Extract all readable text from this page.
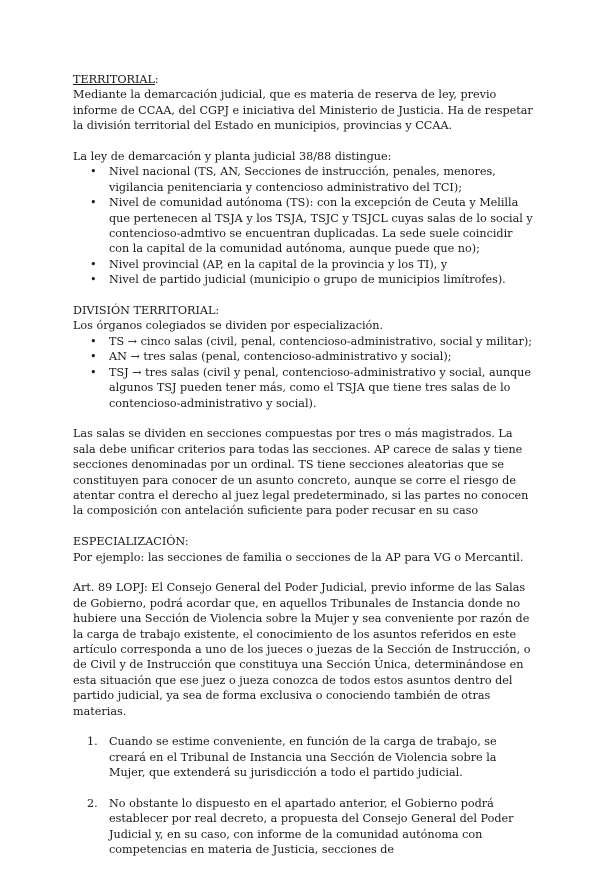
TERRITORIAL:

Mediante la demarcación judicial, que es materia de reserva de ley, previo informe de CCAA, del CGPJ e iniciativa del Ministerio de Justicia. Ha de respetar la división territorial del Estado en municipios, provincias y CCAA.

La ley de demarcación y planta judicial 38/88 distingue:

• Nivel nacional (TS, AN, Secciones de instrucción, penales, menores, vigilancia penitenciaria y contencioso administrativo del TCI);
• Nivel de comunidad autónoma (TS): con la excepción de Ceuta y Melilla que pertenecen al TSJA y los TSJA, TSJC y TSJCL cuyas salas de lo social y contencioso-admtivo se encuentran duplicadas. La sede suele coincidir con la capital de la comunidad autónoma, aunque puede que no);
• Nivel provincial (AP, en la capital de la provincia y los TI), y
• Nivel de partido judicial (municipio o grupo de municipios limítrofes).

DIVISIÓN TERRITORIAL:

Los órganos colegiados se dividen por especialización.

• TS → cinco salas (civil, penal, contencioso-administrativo, social y militar);
• AN → tres salas (penal, contencioso-administrativo y social);
• TSJ → tres salas (civil y penal, contencioso-administrativo y social, aunque algunos TSJ pueden tener más, como el TSJA que tiene tres salas de lo contencioso-administrativo y social).

Las salas se dividen en secciones compuestas por tres o más magistrados. La sala debe unificar criterios para todas las secciones. AP carece de salas y tiene secciones denominadas por un ordinal. TS tiene secciones aleatorias que se constituyen para conocer de un asunto concreto, aunque se corre el riesgo de atentar contra el derecho al juez legal predeterminado, si las partes no conocen la composición con antelación suficiente para poder recusar en su caso

ESPECIALIZACIÓN:

Por ejemplo: las secciones de familia o secciones de la AP para VG o Mercantil.

Art. 89 LOPJ: El Consejo General del Poder Judicial, previo informe de las Salas de Gobierno, podrá acordar que, en aquellos Tribunales de Instancia donde no hubiere una Sección de Violencia sobre la Mujer y sea conveniente por razón de la carga de trabajo existente, el conocimiento de los asuntos referidos en este artículo corresponda a uno de los jueces o juezas de la Sección de Instrucción, o de Civil y de Instrucción que constituya una Sección Única, determinándose en esta situación que ese juez o jueza conozca de todos estos asuntos dentro del partido judicial, ya sea de forma exclusiva o conociendo también de otras materias.

1. Cuando se estime conveniente, en función de la carga de trabajo, se creará en el Tribunal de Instancia una Sección de Violencia sobre la Mujer, que extenderá su jurisdicción a todo el partido judicial.
2. No obstante lo dispuesto en el apartado anterior, el Gobierno podrá establecer por real decreto, a propuesta del Consejo General del Poder Judicial y, en su caso, con informe de la comunidad autónoma con competencias en materia de Justicia, secciones de
